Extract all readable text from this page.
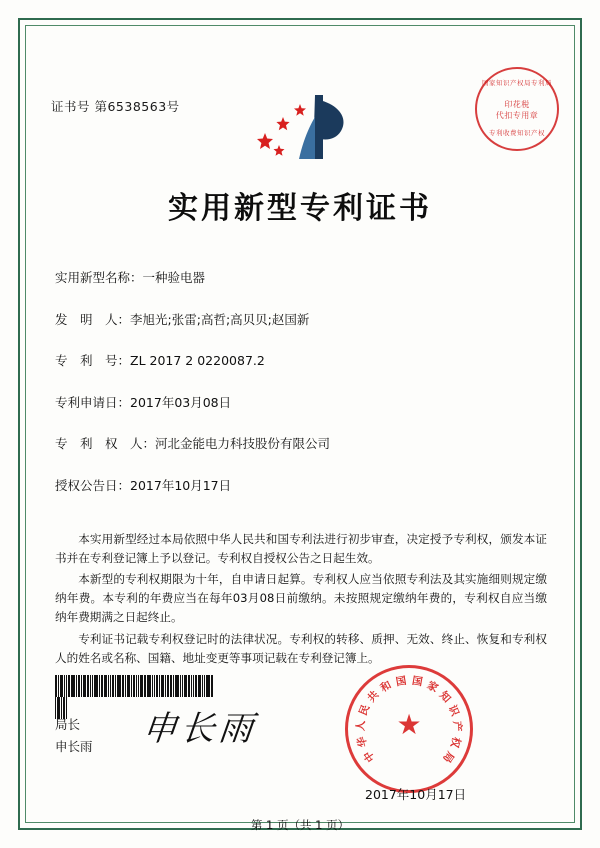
证书号 第6538563号
国家知识产权局专利局
印花税
代扣专用章
专利收费知识产权
实用新型专利证书
实用新型名称：一种验电器
发　明　人：李旭光;张雷;高哲;高贝贝;赵国新
专　利　号：ZL 2017 2 0220087.2
专利申请日：2017年03月08日
专　利　权　人：河北金能电力科技股份有限公司
授权公告日：2017年10月17日
本实用新型经过本局依照中华人民共和国专利法进行初步审查，决定授予专利权，颁发本证书并在专利登记簿上予以登记。专利权自授权公告之日起生效。
本新型的专利权期限为十年，自申请日起算。专利权人应当依照专利法及其实施细则规定缴纳年费。本专利的年费应当在每年03月08日前缴纳。未按照规定缴纳年费的，专利权自应当缴纳年费期满之日起终止。
专利证书记载专利权登记时的法律状况。专利权的转移、质押、无效、终止、恢复和专利权人的姓名或名称、国籍、地址变更等事项记载在专利登记簿上。
局长
申长雨 申长雨	★
中
华
人
民
共
和 国 国 家
知
识
产
权
局
2017年10月17日
第 1 页（共 1 页）
